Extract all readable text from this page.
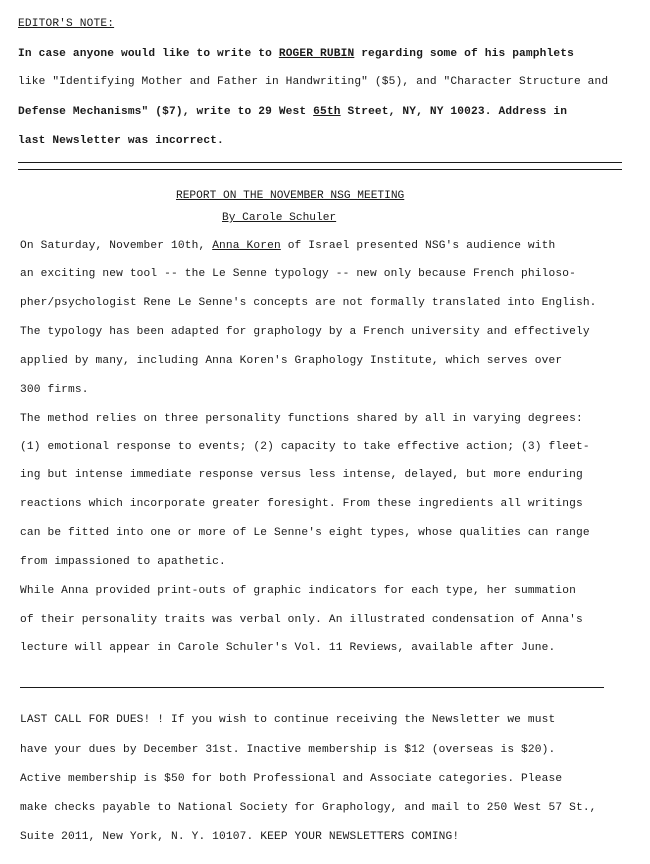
EDITOR'S NOTE:
In case anyone would like to write to ROGER RUBIN regarding some of his pamphlets
like "Identifying Mother and Father in Handwriting" ($5), and "Character Structure and
Defense Mechanisms" ($7), write to 29 West 65th Street, NY, NY 10023. Address in
last Newsletter was incorrect.
REPORT ON THE NOVEMBER NSG MEETING
By Carole Schuler
On Saturday, November 10th, Anna Koren of Israel presented NSG's audience with
an exciting new tool -- the Le Senne typology -- new only because French philoso-
pher/psychologist Rene Le Senne's concepts are not formally translated into English.
The typology has been adapted for graphology by a French university and effectively
applied by many, including Anna Koren's Graphology Institute, which serves over
300 firms.
The method relies on three personality functions shared by all in varying degrees:
(1) emotional response to events; (2) capacity to take effective action; (3) fleet-
ing but intense immediate response versus less intense, delayed, but more enduring
reactions which incorporate greater foresight. From these ingredients all writings
can be fitted into one or more of Le Senne's eight types, whose qualities can range
from impassioned to apathetic.
While Anna provided print-outs of graphic indicators for each type, her summation
of their personality traits was verbal only. An illustrated condensation of Anna's
lecture will appear in Carole Schuler's Vol. 11 Reviews, available after June.
LAST CALL FOR DUES! ! If you wish to continue receiving the Newsletter we must
have your dues by December 31st. Inactive membership is $12 (overseas is $20).
Active membership is $50 for both Professional and Associate categories. Please
make checks payable to National Society for Graphology, and mail to 250 West 57 St.,
Suite 2011, New York, N. Y. 10107. KEEP YOUR NEWSLETTERS COMING!
